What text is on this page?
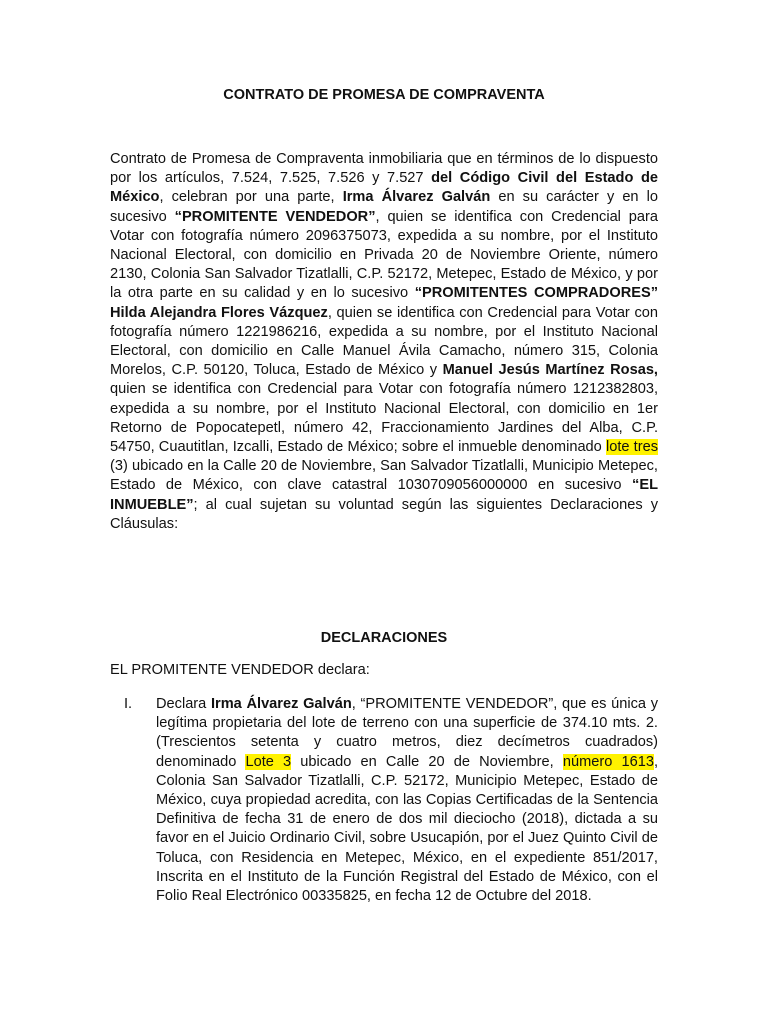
CONTRATO DE PROMESA DE COMPRAVENTA

Contrato de Promesa de Compraventa inmobiliaria que en términos de lo dispuesto por los artículos, 7.524, 7.525, 7.526 y 7.527 del Código Civil del Estado de México, celebran por una parte, Irma Álvarez Galván en su carácter y en lo sucesivo “PROMITENTE VENDEDOR”, quien se identifica con Credencial para Votar con fotografía número 2096375073, expedida a su nombre, por el Instituto Nacional Electoral, con domicilio en Privada 20 de Noviembre Oriente, número 2130, Colonia San Salvador Tizatlalli, C.P. 52172, Metepec, Estado de México, y por la otra parte en su calidad y en lo sucesivo “PROMITENTES COMPRADORES” Hilda Alejandra Flores Vázquez, quien se identifica con Credencial para Votar con fotografía número 1221986216, expedida a su nombre, por el Instituto Nacional Electoral, con domicilio en Calle Manuel Ávila Camacho, número 315, Colonia Morelos, C.P. 50120, Toluca, Estado de México y Manuel Jesús Martínez Rosas, quien se identifica con Credencial para Votar con fotografía número 1212382803, expedida a su nombre, por el Instituto Nacional Electoral, con domicilio en 1er Retorno de Popocatepetl, número 42, Fraccionamiento Jardines del Alba, C.P. 54750, Cuautitlan, Izcalli, Estado de México; sobre el inmueble denominado lote tres (3) ubicado en la Calle 20 de Noviembre, San Salvador Tizatlalli, Municipio Metepec, Estado de México, con clave catastral 1030709056000000 en sucesivo “EL INMUEBLE”; al cual sujetan su voluntad según las siguientes Declaraciones y Cláusulas:

DECLARACIONES
EL PROMITENTE VENDEDOR declara:
I. Declara Irma Álvarez Galván, “PROMITENTE VENDEDOR”, que es única y legítima propietaria del lote de terreno con una superficie de 374.10 mts. 2. (Trescientos setenta y cuatro metros, diez decímetros cuadrados) denominado Lote 3 ubicado en Calle 20 de Noviembre, número 1613, Colonia San Salvador Tizatlalli, C.P. 52172, Municipio Metepec, Estado de México, cuya propiedad acredita, con las Copias Certificadas de la Sentencia Definitiva de fecha 31 de enero de dos mil dieciocho (2018), dictada a su favor en el Juicio Ordinario Civil, sobre Usucapión, por el Juez Quinto Civil de Toluca, con Residencia en Metepec, México, en el expediente 851/2017, Inscrita en el Instituto de la Función Registral del Estado de México, con el Folio Real Electrónico 00335825, en fecha 12 de Octubre del 2018.
